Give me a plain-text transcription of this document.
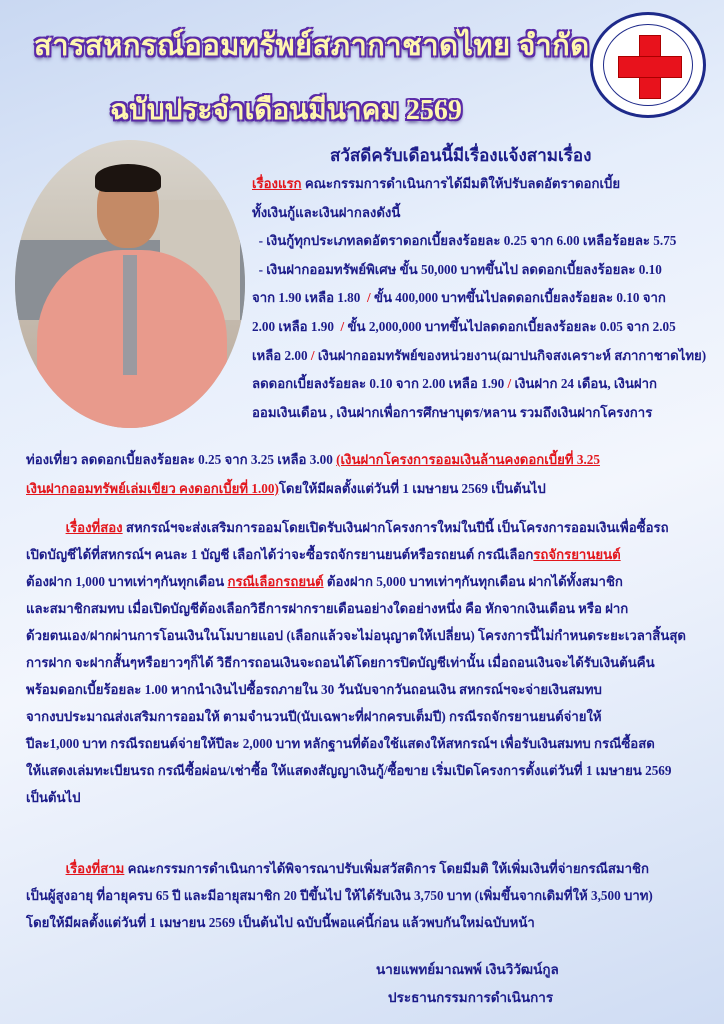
สารสหกรณ์ออมทรัพย์สภากาชาดไทย จำกัด
ฉบับประจำเดือนมีนาคม 2569
สวัสดีครับเดือนนี้มีเรื่องแจ้งสามเรื่อง
เรื่องแรก คณะกรรมการดำเนินการได้มีมติให้ปรับลดอัตราดอกเบี้ย
ทั้งเงินกู้และเงินฝากลงดังนี้
- เงินกู้ทุกประเภทลดอัตราดอกเบี้ยลงร้อยละ 0.25 จาก 6.00 เหลือร้อยละ 5.75
- เงินฝากออมทรัพย์พิเศษ ขั้น 50,000 บาทขึ้นไป ลดดอกเบี้ยลงร้อยละ 0.10
จาก 1.90 เหลือ 1.80  / ขั้น 400,000 บาทขึ้นไปลดดอกเบี้ยลงร้อยละ 0.10 จาก
2.00 เหลือ 1.90  / ขั้น 2,000,000 บาทขึ้นไปลดดอกเบี้ยลงร้อยละ 0.05 จาก 2.05
เหลือ 2.00 / เงินฝากออมทรัพย์ของหน่วยงาน(ฌาปนกิจสงเคราะห์ สภากาชาดไทย)
ลดดอกเบี้ยลงร้อยละ 0.10 จาก 2.00 เหลือ 1.90 / เงินฝาก 24 เดือน, เงินฝาก
ออมเงินเดือน , เงินฝากเพื่อการศึกษาบุตร/หลาน รวมถึงเงินฝากโครงการ
ท่องเที่ยว ลดดอกเบี้ยลงร้อยละ 0.25 จาก 3.25 เหลือ 3.00 (เงินฝากโครงการออมเงินล้านคงดอกเบี้ยที่ 3.25
เงินฝากออมทรัพย์เล่มเขียว คงดอกเบี้ยที่ 1.00)โดยให้มีผลตั้งแต่วันที่ 1 เมษายน 2569 เป็นต้นไป
เรื่องที่สอง สหกรณ์ฯจะส่งเสริมการออมโดยเปิดรับเงินฝากโครงการใหม่ในปีนี้ เป็นโครงการออมเงินเพื่อซื้อรถ
เปิดบัญชีได้ที่สหกรณ์ฯ คนละ 1 บัญชี เลือกได้ว่าจะซื้อรถจักรยานยนต์หรือรถยนต์ กรณีเลือกรถจักรยานยนต์
ต้องฝาก 1,000 บาทเท่าๆกันทุกเดือน กรณีเลือกรถยนต์ ต้องฝาก 5,000 บาทเท่าๆกันทุกเดือน ฝากได้ทั้งสมาชิก
และสมาชิกสมทบ เมื่อเปิดบัญชีต้องเลือกวิธีการฝากรายเดือนอย่างใดอย่างหนึ่ง คือ หักจากเงินเดือน หรือ ฝาก
ด้วยตนเอง/ฝากผ่านการโอนเงินในโมบายแอป (เลือกแล้วจะไม่อนุญาตให้เปลี่ยน) โครงการนี้ไม่กำหนดระยะเวลาสิ้นสุด
การฝาก จะฝากสั้นๆหรือยาวๆก็ได้ วิธีการถอนเงินจะถอนได้โดยการปิดบัญชีเท่านั้น เมื่อถอนเงินจะได้รับเงินต้นคืน
พร้อมดอกเบี้ยร้อยละ 1.00 หากนำเงินไปซื้อรถภายใน 30 วันนับจากวันถอนเงิน สหกรณ์ฯจะจ่ายเงินสมทบ
จากงบประมาณส่งเสริมการออมให้ ตามจำนวนปี(นับเฉพาะที่ฝากครบเต็มปี) กรณีรถจักรยานยนต์จ่ายให้
ปีละ1,000 บาท กรณีรถยนต์จ่ายให้ปีละ 2,000 บาท หลักฐานที่ต้องใช้แสดงให้สหกรณ์ฯ เพื่อรับเงินสมทบ กรณีซื้อสด
ให้แสดงเล่มทะเบียนรถ กรณีซื้อผ่อน/เช่าซื้อ ให้แสดงสัญญาเงินกู้/ซื้อขาย เริ่มเปิดโครงการตั้งแต่วันที่ 1 เมษายน 2569
เป็นต้นไป
เรื่องที่สาม คณะกรรมการดำเนินการได้พิจารณาปรับเพิ่มสวัสดิการ โดยมีมติ ให้เพิ่มเงินที่จ่ายกรณีสมาชิก
เป็นผู้สูงอายุ ที่อายุครบ 65 ปี และมีอายุสมาชิก 20 ปีขึ้นไป ให้ได้รับเงิน 3,750 บาท (เพิ่มขึ้นจากเดิมที่ให้ 3,500 บาท)
โดยให้มีผลตั้งแต่วันที่ 1 เมษายน 2569 เป็นต้นไป ฉบับนี้พอแค่นี้ก่อน แล้วพบกันใหม่ฉบับหน้า
นายแพทย์มาณพพ์ เงินวิวัฒน์กูล
ประธานกรรมการดำเนินการ
